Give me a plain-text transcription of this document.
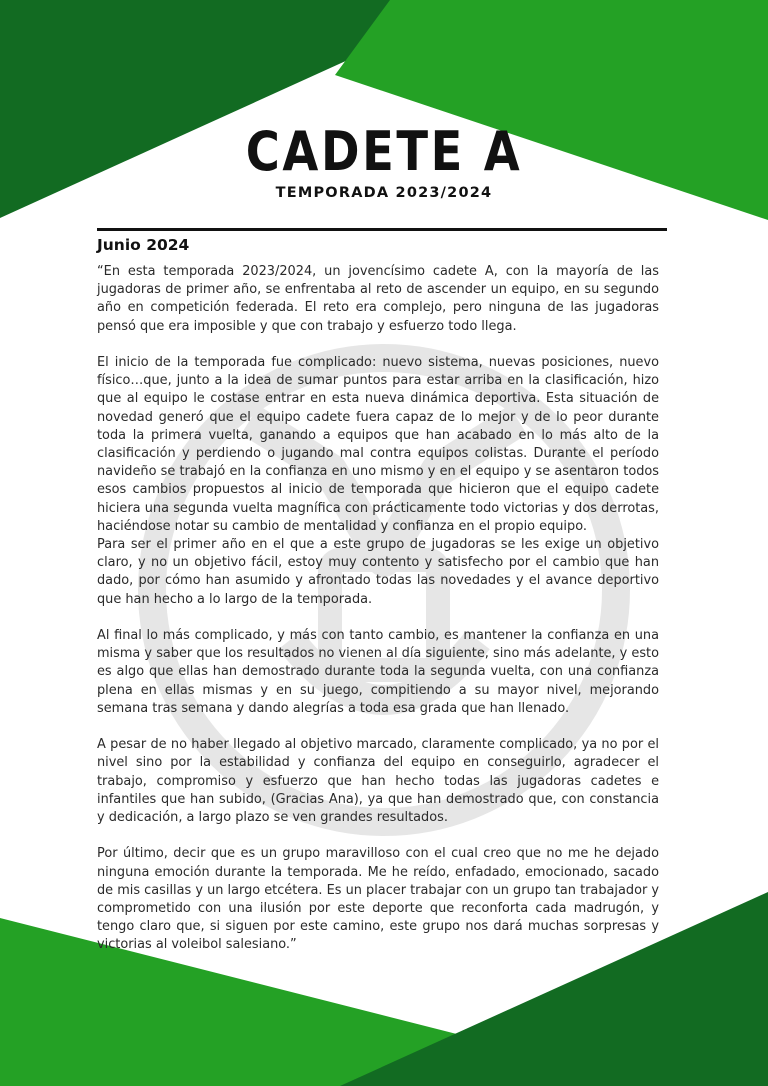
CADETE A
TEMPORADA 2023/2024
Junio 2024

“En esta temporada 2023/2024, un jovencísimo cadete A, con la mayoría de las jugadoras de primer año, se enfrentaba al reto de ascender un equipo, en su segundo año en competición federada. El reto era complejo, pero ninguna de las jugadoras pensó que era imposible y que con trabajo y esfuerzo todo llega.

El inicio de la temporada fue complicado: nuevo sistema, nuevas posiciones, nuevo físico…que, junto a la idea de sumar puntos para estar arriba en la clasificación, hizo que al equipo le costase entrar en esta nueva dinámica deportiva. Esta situación de novedad generó que el equipo cadete fuera capaz de lo mejor y de lo peor durante toda la primera vuelta, ganando a equipos que han acabado en lo más alto de la clasificación y perdiendo o jugando mal contra equipos colistas. Durante el período navideño se trabajó en la confianza en uno mismo y en el equipo y se asentaron todos esos cambios propuestos al inicio de temporada que hicieron que el equipo cadete hiciera una segunda vuelta magnífica con prácticamente todo victorias y dos derrotas, haciéndose notar su cambio de mentalidad y confianza en el propio equipo.

Para ser el primer año en el que a este grupo de jugadoras se les exige un objetivo claro, y no un objetivo fácil, estoy muy contento y satisfecho por el cambio que han dado, por cómo han asumido y afrontado todas las novedades y el avance deportivo que han hecho a lo largo de la temporada.

Al final lo más complicado, y más con tanto cambio, es mantener la confianza en una misma y saber que los resultados no vienen al día siguiente, sino más adelante, y esto es algo que ellas han demostrado durante toda la segunda vuelta, con una confianza plena en ellas mismas y en su juego, compitiendo a su mayor nivel, mejorando semana tras semana y dando alegrías a toda esa grada que han llenado.

A pesar de no haber llegado al objetivo marcado, claramente complicado, ya no por el nivel sino por la estabilidad y confianza del equipo en conseguirlo, agradecer el trabajo, compromiso y esfuerzo que han hecho todas las jugadoras cadetes e infantiles que han subido, (Gracias Ana), ya que han demostrado que, con constancia y dedicación, a largo plazo se ven grandes resultados.

Por último, decir que es un grupo maravilloso con el cual creo que no me he dejado ninguna emoción durante la temporada. Me he reído, enfadado, emocionado, sacado de mis casillas y un largo etcétera. Es un placer trabajar con un grupo tan trabajador y comprometido con una ilusión por este deporte que reconforta cada madrugón, y tengo claro que, si siguen por este camino, este grupo nos dará muchas sorpresas y victorias al voleibol salesiano.”
